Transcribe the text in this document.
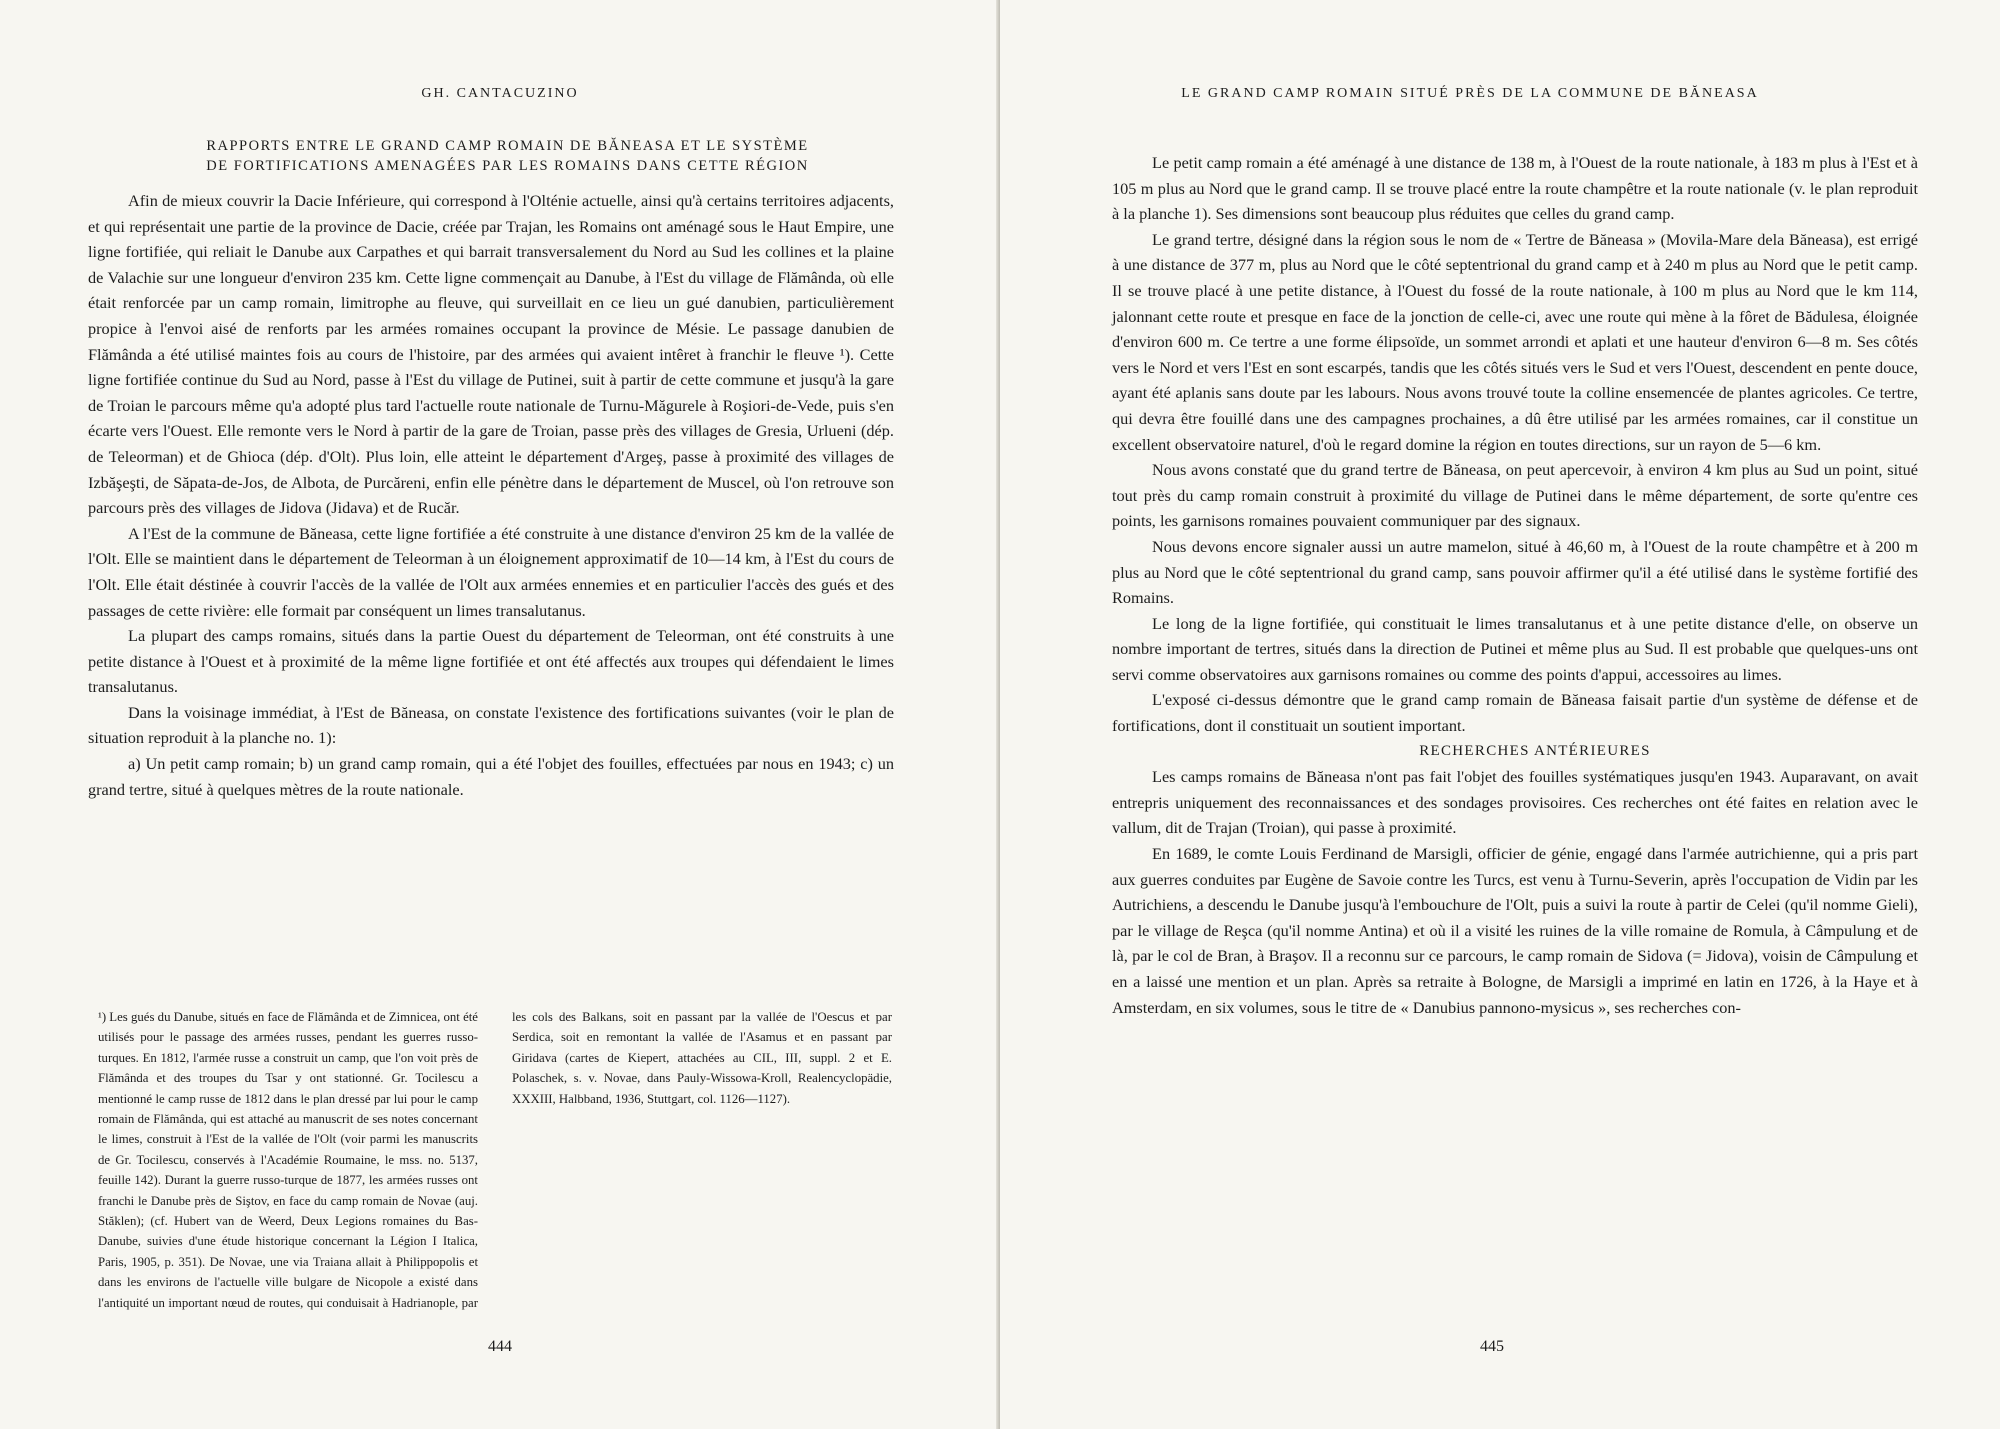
GH. CANTACUZINO
RAPPORTS ENTRE LE GRAND CAMP ROMAIN DE BĂNEASA ET LE SYSTÈME
DE FORTIFICATIONS AMENAGÉES PAR LES ROMAINS DANS CETTE RÉGION

Afin de mieux couvrir la Dacie Inférieure, qui correspond à l'Olténie actuelle, ainsi qu'à certains territoires adjacents, et qui représentait une partie de la province de Dacie, créée par Trajan, les Romains ont aménagé sous le Haut Empire, une ligne fortifiée, qui reliait le Danube aux Carpathes et qui barrait transversalement du Nord au Sud les collines et la plaine de Valachie sur une longueur d'environ 235 km. Cette ligne commençait au Danube, à l'Est du village de Flămânda, où elle était renforcée par un camp romain, limitrophe au fleuve, qui surveillait en ce lieu un gué danubien, particulièrement propice à l'envoi aisé de renforts par les armées romaines occupant la province de Mésie. Le passage danubien de Flămânda a été utilisé maintes fois au cours de l'histoire, par des armées qui avaient intêret à franchir le fleuve ¹). Cette ligne fortifiée continue du Sud au Nord, passe à l'Est du village de Putinei, suit à partir de cette commune et jusqu'à la gare de Troian le parcours même qu'a adopté plus tard l'actuelle route nationale de Turnu-Măgurele à Roşiori-de-Vede, puis s'en écarte vers l'Ouest. Elle remonte vers le Nord à partir de la gare de Troian, passe près des villages de Gresia, Urlueni (dép. de Teleorman) et de Ghioca (dép. d'Olt). Plus loin, elle atteint le département d'Argeş, passe à proximité des villages de Izbăşeşti, de Săpata-de-Jos, de Albota, de Purcăreni, enfin elle pénètre dans le département de Muscel, où l'on retrouve son parcours près des villages de Jidova (Jidava) et de Rucăr.

A l'Est de la commune de Băneasa, cette ligne fortifiée a été construite à une distance d'environ 25 km de la vallée de l'Olt. Elle se maintient dans le département de Teleorman à un éloignement approximatif de 10—14 km, à l'Est du cours de l'Olt. Elle était déstinée à couvrir l'accès de la vallée de l'Olt aux armées ennemies et en particulier l'accès des gués et des passages de cette rivière: elle formait par conséquent un limes transalutanus.

La plupart des camps romains, situés dans la partie Ouest du département de Teleorman, ont été construits à une petite distance à l'Ouest et à proximité de la même ligne fortifiée et ont été affectés aux troupes qui défendaient le limes transalutanus.

Dans la voisinage immédiat, à l'Est de Băneasa, on constate l'existence des fortifications suivantes (voir le plan de situation reproduit à la planche no. 1):

a) Un petit camp romain; b) un grand camp romain, qui a été l'objet des fouilles, effectuées par nous en 1943; c) un grand tertre, situé à quelques mètres de la route nationale.

¹) Les gués du Danube, situés en face de Flămânda et de Zimnicea, ont été utilisés pour le passage des armées russes, pendant les guerres russo-turques. En 1812, l'armée russe a construit un camp, que l'on voit près de Flămânda et des troupes du Tsar y ont stationné. Gr. Tocilescu a mentionné le camp russe de 1812 dans le plan dressé par lui pour le camp romain de Flămânda, qui est attaché au manuscrit de ses notes concernant le limes, construit à l'Est de la vallée de l'Olt (voir parmi les manuscrits de Gr. Tocilescu, conservés à l'Académie Roumaine, le mss. no. 5137, feuille 142). Durant la guerre russo-turque de 1877, les armées russes ont franchi le Danube près de Siştov, en face du camp romain de Novae (auj. Stăklen); (cf. Hubert van de Weerd, Deux Legions romaines du Bas-Danube, suivies d'une étude historique concernant la Légion I Italica, Paris, 1905, p. 351). De Novae, une via Traiana allait à Philippopolis et dans les environs de l'actuelle ville bulgare de Nicopole a existé dans l'antiquité un important nœud de routes, qui conduisait à Hadrianople, par les cols des Balkans, soit en passant par la vallée de l'Oescus et par Serdica, soit en remontant la vallée de l'Asamus et en passant par Giridava (cartes de Kiepert, attachées au CIL, III, suppl. 2 et E. Polaschek, s. v. Novae, dans Pauly-Wissowa-Kroll, Realencyclopädie, XXXIII, Halbband, 1936, Stuttgart, col. 1126—1127).

444
LE GRAND CAMP ROMAIN SITUÉ PRÈS DE LA COMMUNE DE BĂNEASA

Le petit camp romain a été aménagé à une distance de 138 m, à l'Ouest de la route nationale, à 183 m plus à l'Est et à 105 m plus au Nord que le grand camp. Il se trouve placé entre la route champêtre et la route nationale (v. le plan reproduit à la planche 1). Ses dimensions sont beaucoup plus réduites que celles du grand camp.

Le grand tertre, désigné dans la région sous le nom de « Tertre de Băneasa » (Movila-Mare dela Băneasa), est errigé à une distance de 377 m, plus au Nord que le côté septentrional du grand camp et à 240 m plus au Nord que le petit camp. Il se trouve placé à une petite distance, à l'Ouest du fossé de la route nationale, à 100 m plus au Nord que le km 114, jalonnant cette route et presque en face de la jonction de celle-ci, avec une route qui mène à la fôret de Bădulesa, éloignée d'environ 600 m. Ce tertre a une forme élipsoïde, un sommet arrondi et aplati et une hauteur d'environ 6—8 m. Ses côtés vers le Nord et vers l'Est en sont escarpés, tandis que les côtés situés vers le Sud et vers l'Ouest, descendent en pente douce, ayant été aplanis sans doute par les labours. Nous avons trouvé toute la colline ensemencée de plantes agricoles. Ce tertre, qui devra être fouillé dans une des campagnes prochaines, a dû être utilisé par les armées romaines, car il constitue un excellent observatoire naturel, d'où le regard domine la région en toutes directions, sur un rayon de 5—6 km.

Nous avons constaté que du grand tertre de Băneasa, on peut apercevoir, à environ 4 km plus au Sud un point, situé tout près du camp romain construit à proximité du village de Putinei dans le même département, de sorte qu'entre ces points, les garnisons romaines pouvaient communiquer par des signaux.

Nous devons encore signaler aussi un autre mamelon, situé à 46,60 m, à l'Ouest de la route champêtre et à 200 m plus au Nord que le côté septentrional du grand camp, sans pouvoir affirmer qu'il a été utilisé dans le système fortifié des Romains.

Le long de la ligne fortifiée, qui constituait le limes transalutanus et à une petite distance d'elle, on observe un nombre important de tertres, situés dans la direction de Putinei et même plus au Sud. Il est probable que quelques-uns ont servi comme observatoires aux garnisons romaines ou comme des points d'appui, accessoires au limes.

L'exposé ci-dessus démontre que le grand camp romain de Băneasa faisait partie d'un système de défense et de fortifications, dont il constituait un soutient important.

RECHERCHES ANTÉRIEURES

Les camps romains de Băneasa n'ont pas fait l'objet des fouilles systématiques jusqu'en 1943. Auparavant, on avait entrepris uniquement des reconnaissances et des sondages provisoires. Ces recherches ont été faites en relation avec le vallum, dit de Trajan (Troian), qui passe à proximité.

En 1689, le comte Louis Ferdinand de Marsigli, officier de génie, engagé dans l'armée autrichienne, qui a pris part aux guerres conduites par Eugène de Savoie contre les Turcs, est venu à Turnu-Severin, après l'occupation de Vidin par les Autrichiens, a descendu le Danube jusqu'à l'embouchure de l'Olt, puis a suivi la route à partir de Celei (qu'il nomme Gieli), par le village de Reşca (qu'il nomme Antina) et où il a visité les ruines de la ville romaine de Romula, à Câmpulung et de là, par le col de Bran, à Braşov. Il a reconnu sur ce parcours, le camp romain de Sidova (= Jidova), voisin de Câmpulung et en a laissé une mention et un plan. Après sa retraite à Bologne, de Marsigli a imprimé en latin en 1726, à la Haye et à Amsterdam, en six volumes, sous le titre de « Danubius pannono-mysicus », ses recherches con-

445
